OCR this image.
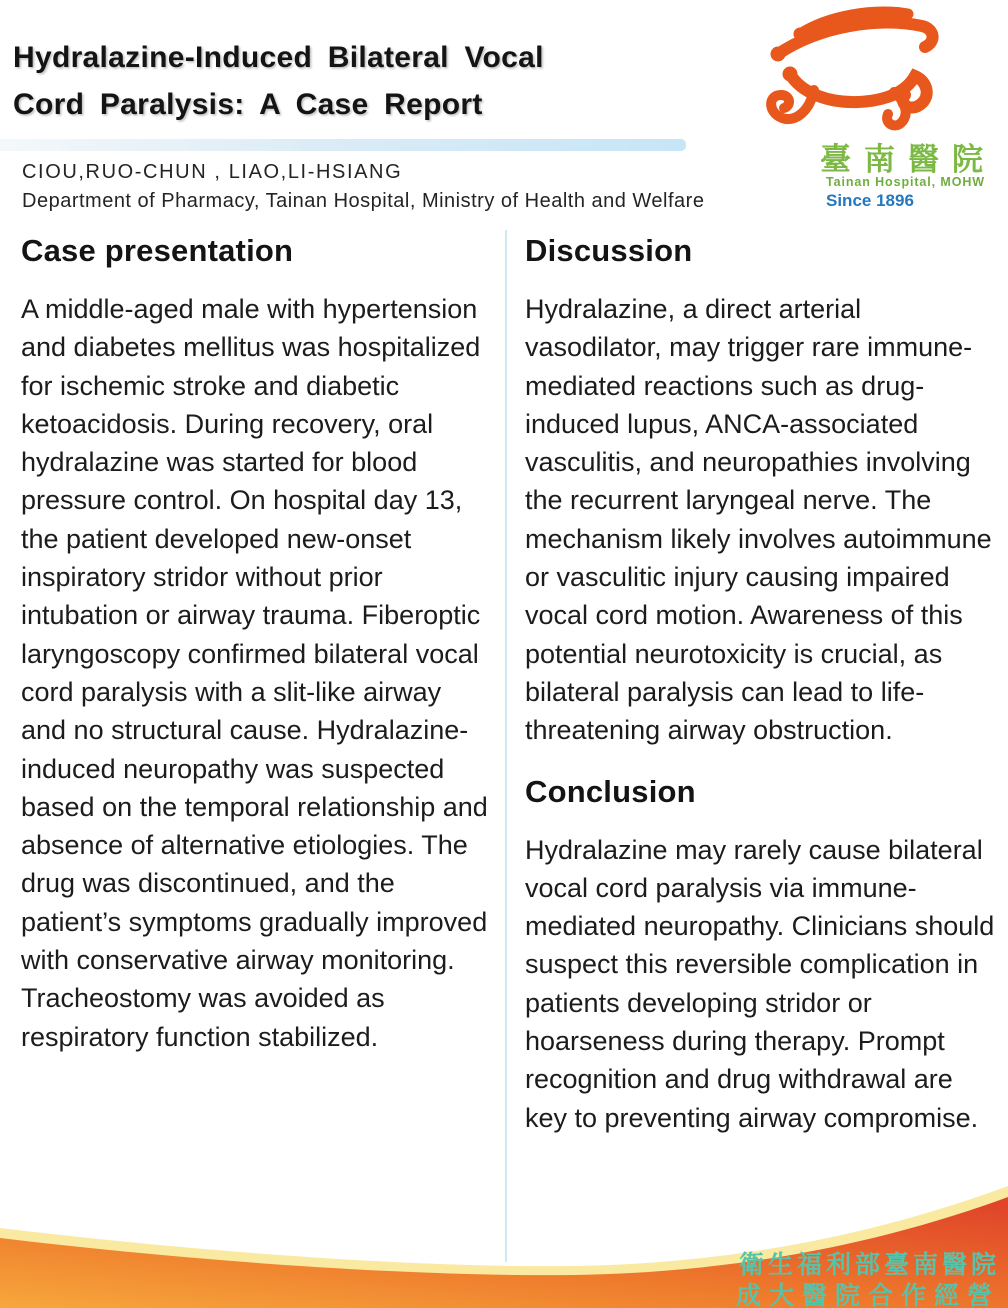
Hydralazine-Induced Bilateral Vocal
Cord Paralysis: A Case Report
CIOU,RUO-CHUN , LIAO,LI-HSIANG
Department of Pharmacy, Tainan Hospital, Ministry of Health and Welfare
臺南醫院
Tainan Hospital, MOHW
Since 1896
Case presentation

A middle-aged male with hypertension and diabetes mellitus was hospitalized for ischemic stroke and diabetic ketoacidosis. During recovery, oral hydralazine was started for blood pressure control. On hospital day 13, the patient developed new-onset inspiratory stridor without prior intubation or airway trauma. Fiberoptic laryngoscopy confirmed bilateral vocal cord paralysis with a slit-like airway and no structural cause. Hydralazine-induced neuropathy was suspected based on the temporal relationship and absence of alternative etiologies. The drug was discontinued, and the patient’s symptoms gradually improved with conservative airway monitoring. Tracheostomy was avoided as respiratory function stabilized.

Discussion

Hydralazine, a direct arterial vasodilator, may trigger rare immune-mediated reactions such as drug-induced lupus, ANCA-associated vasculitis, and neuropathies involving the recurrent laryngeal nerve. The mechanism likely involves autoimmune or vasculitic injury causing impaired vocal cord motion. Awareness of this potential neurotoxicity is crucial, as bilateral paralysis can lead to life-threatening airway obstruction.

Conclusion

Hydralazine may rarely cause bilateral vocal cord paralysis via immune-mediated neuropathy. Clinicians should suspect this reversible complication in patients developing stridor or hoarseness during therapy. Prompt recognition and drug withdrawal are key to preventing airway compromise.

衛生福利部臺南醫院
成大醫院合作經營
